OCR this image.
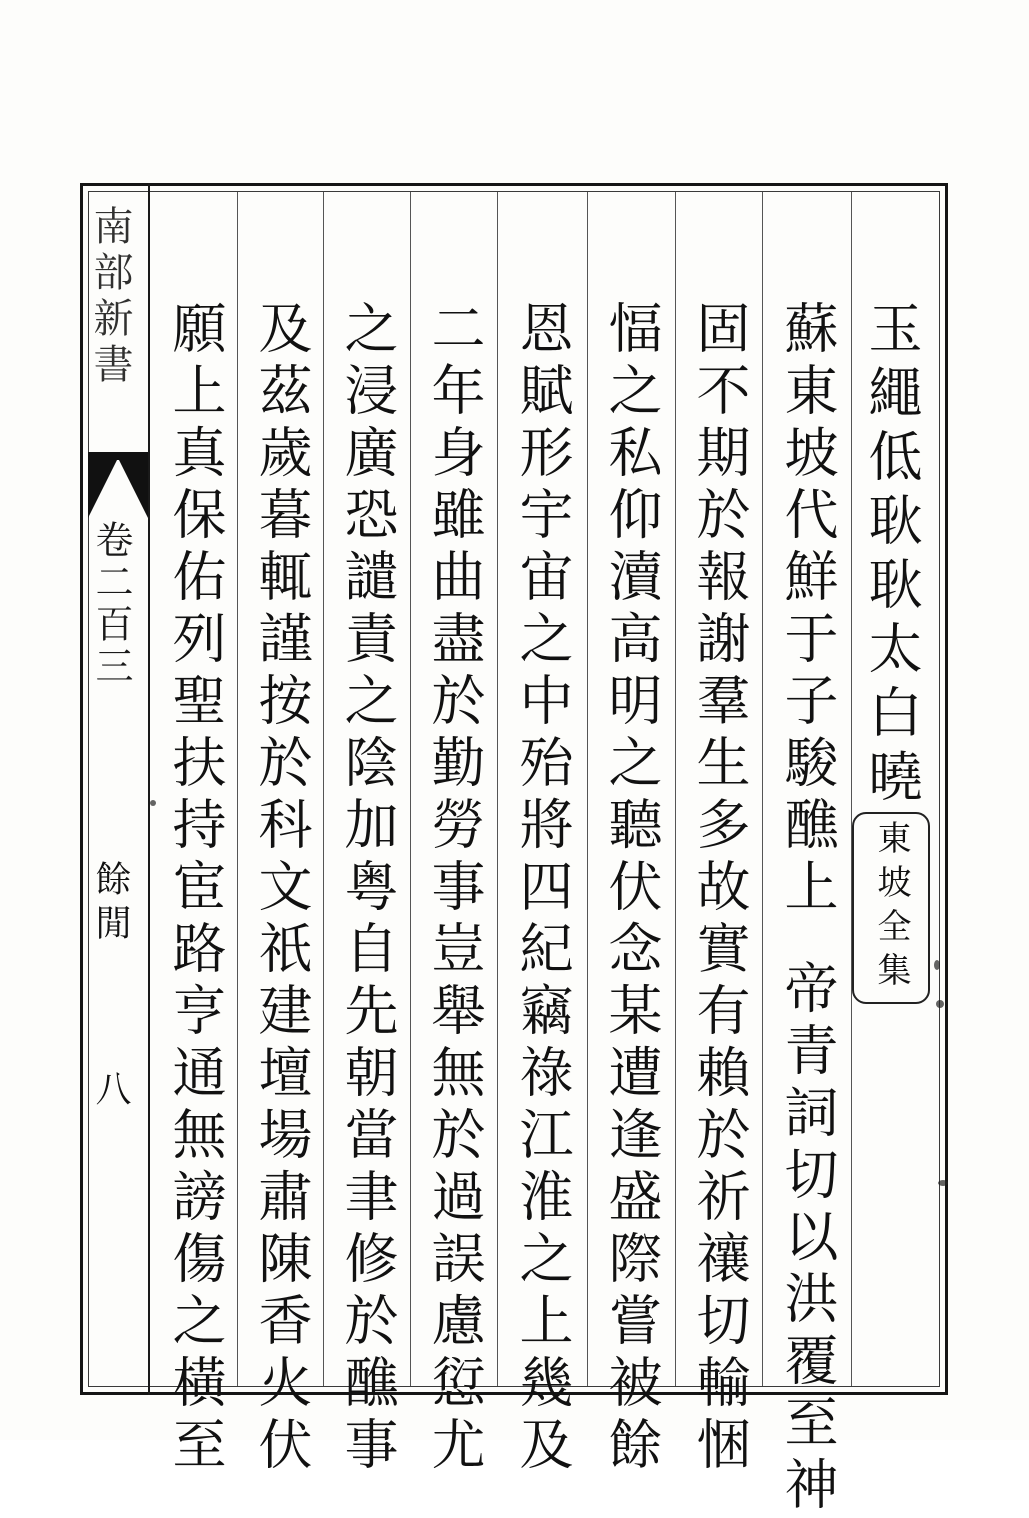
南部新書
卷二百三
餘閒
八
玉繩低耿耿太白曉東坡全集
蘇東坡代鮮于子駿醮上帝青詞切以洪覆至神
固不期於報謝羣生多故實有賴於祈禳切輸悃
愊之私仰瀆高明之聽伏念某遭逢盛際嘗被餘
恩賦形宇宙之中殆將四紀竊祿江淮之上幾及
二年身雖曲盡於勤勞事豈舉無於過誤慮愆尤
之浸廣恐譴責之陰加粤自先朝當聿修於醮事
及茲歲暮輒謹按於科文祇建壇場肅陳香火伏
願上真保佑列聖扶持宦路亨通無謗傷之橫至
